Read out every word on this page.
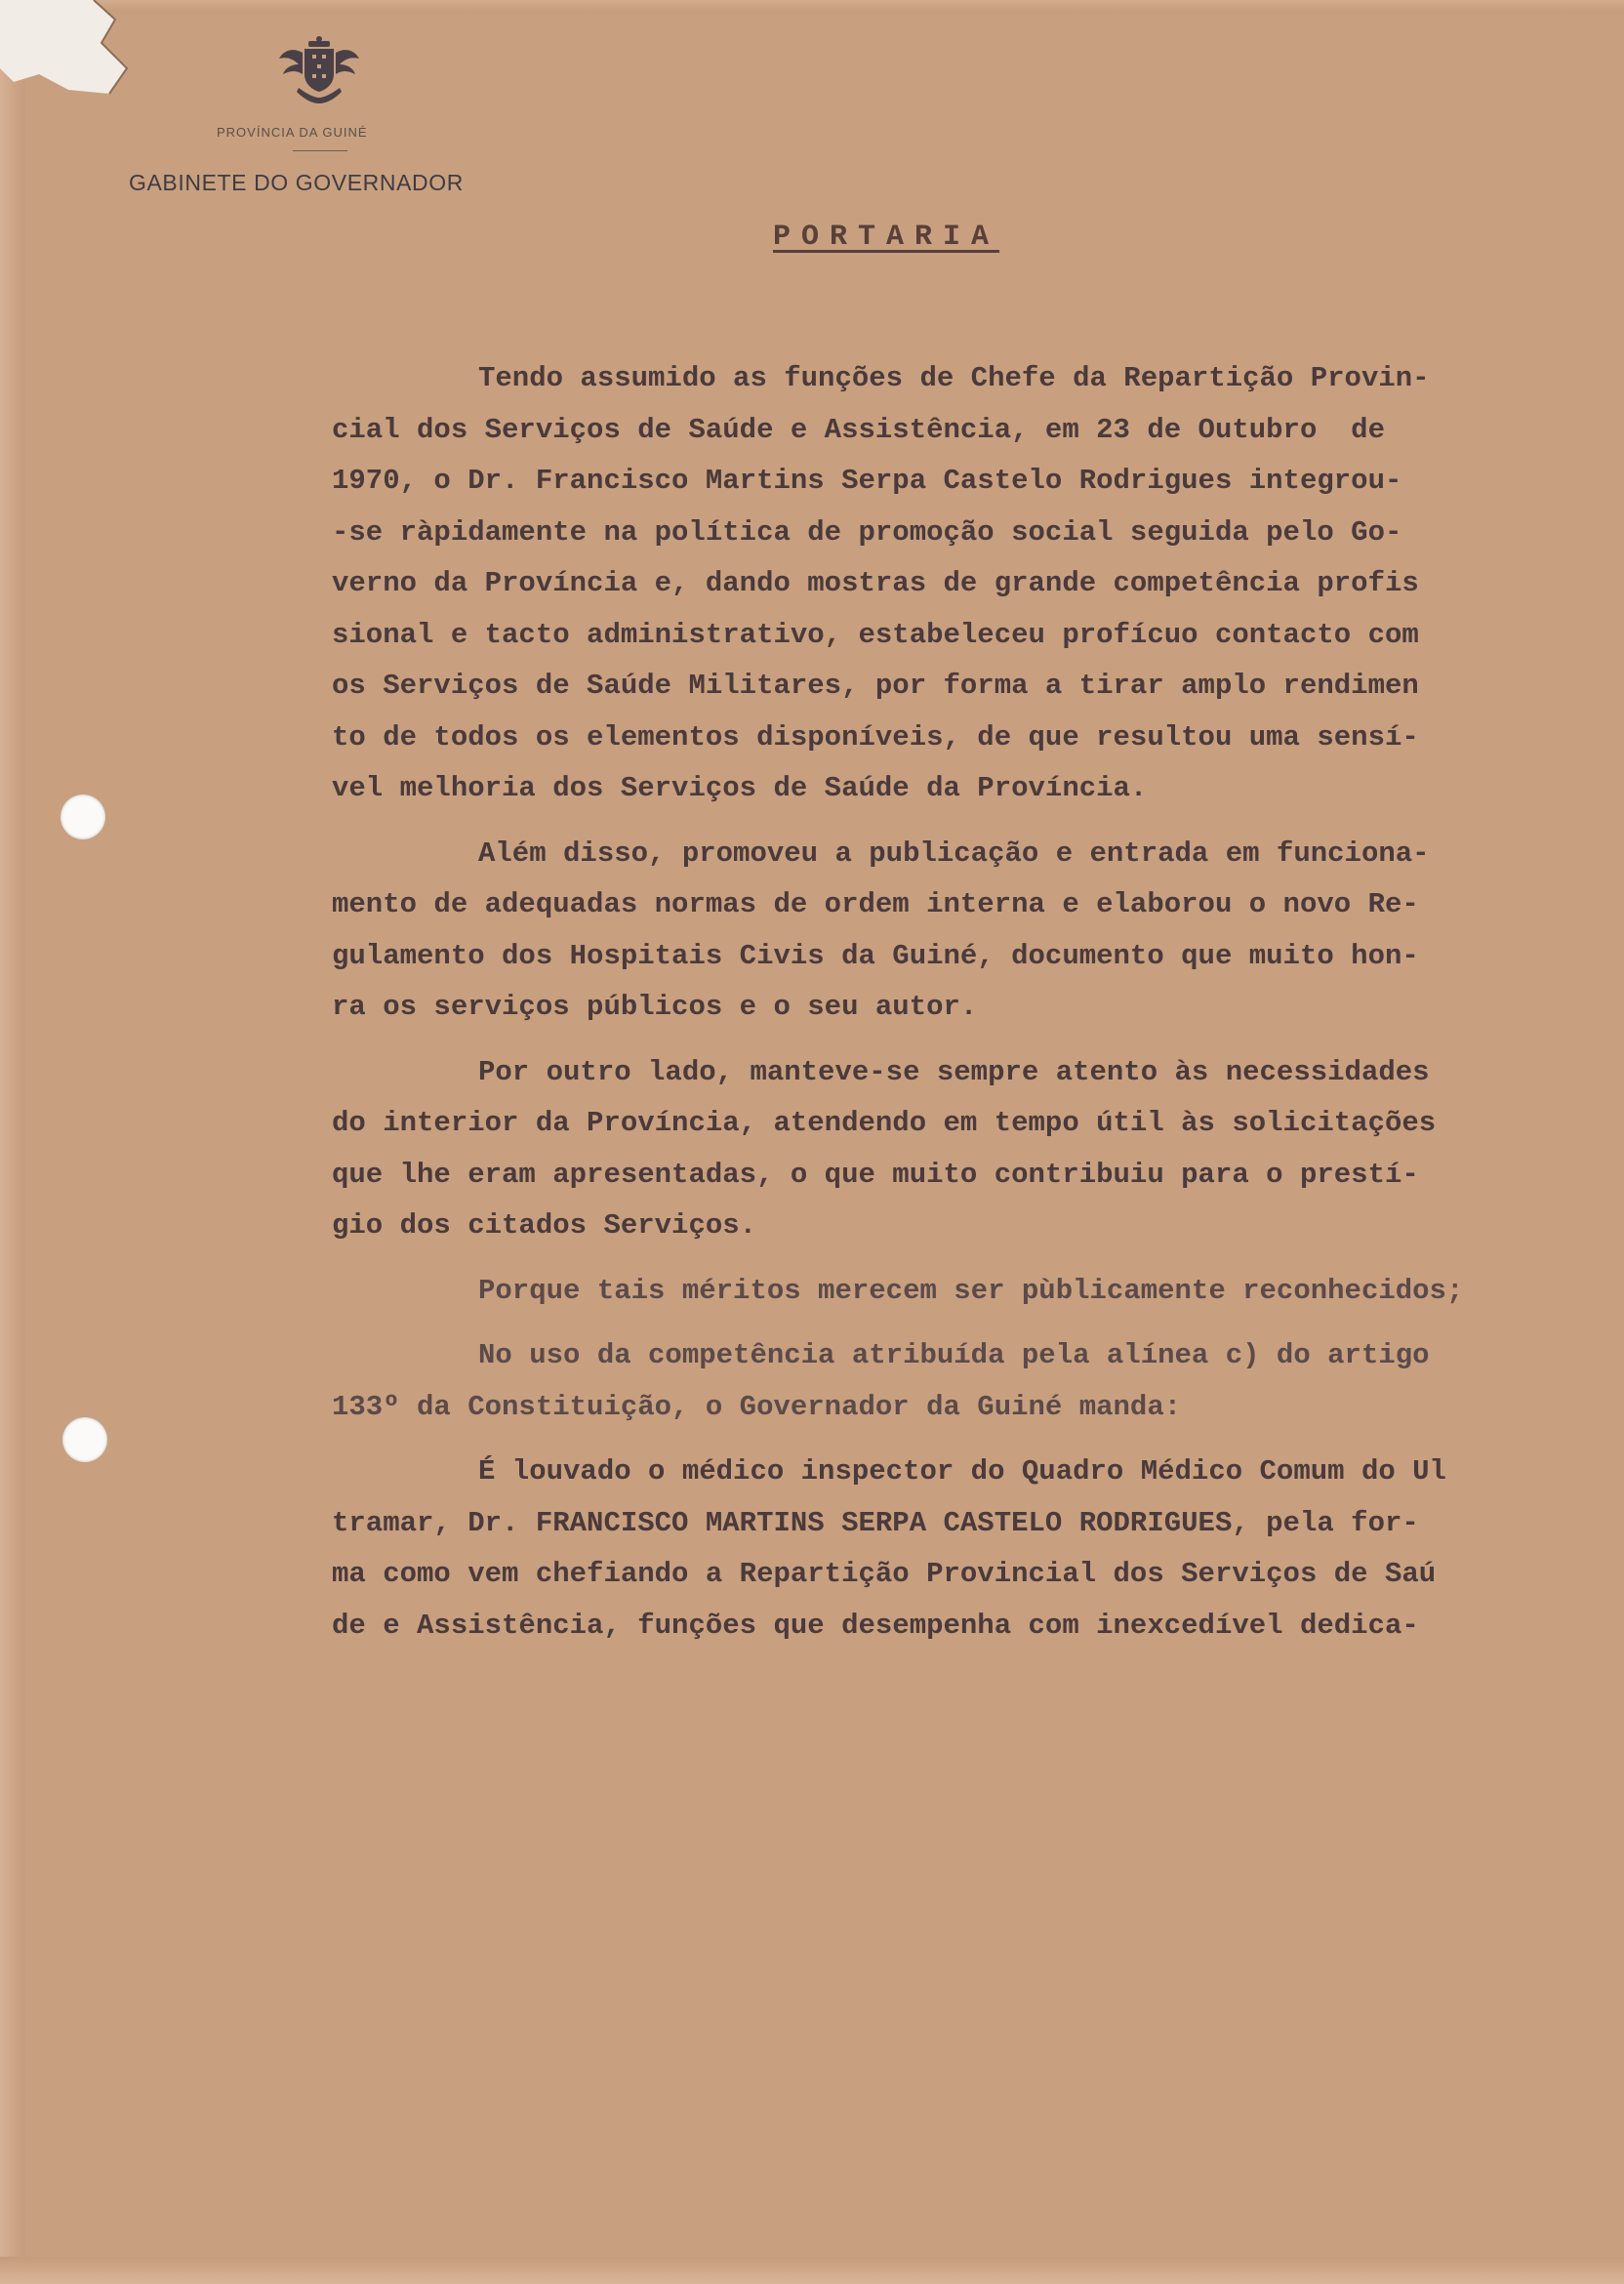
PROVÍNCIA DA GUINÉ
GABINETE DO GOVERNADOR
PORTARIA
Tendo assumido as funções de Chefe da Repartição Provin-
cial dos Serviços de Saúde e Assistência, em 23 de Outubro  de
1970, o Dr. Francisco Martins Serpa Castelo Rodrigues integrou-
-se ràpidamente na política de promoção social seguida pelo Go-
verno da Província e, dando mostras de grande competência profis
sional e tacto administrativo, estabeleceu profícuo contacto com
os Serviços de Saúde Militares, por forma a tirar amplo rendimen
to de todos os elementos disponíveis, de que resultou uma sensí-
vel melhoria dos Serviços de Saúde da Província.
Além disso, promoveu a publicação e entrada em funciona-
mento de adequadas normas de ordem interna e elaborou o novo Re-
gulamento dos Hospitais Civis da Guiné, documento que muito hon-
ra os serviços públicos e o seu autor.
Por outro lado, manteve-se sempre atento às necessidades
do interior da Província, atendendo em tempo útil às solicitações
que lhe eram apresentadas, o que muito contribuiu para o prestí-
gio dos citados Serviços.
Porque tais méritos merecem ser pùblicamente reconhecidos;
No uso da competência atribuída pela alínea c) do artigo
133º da Constituição, o Governador da Guiné manda:
É louvado o médico inspector do Quadro Médico Comum do Ul
tramar, Dr. FRANCISCO MARTINS SERPA CASTELO RODRIGUES, pela for-
ma como vem chefiando a Repartição Provincial dos Serviços de Saú
de e Assistência, funções que desempenha com inexcedível dedica-
